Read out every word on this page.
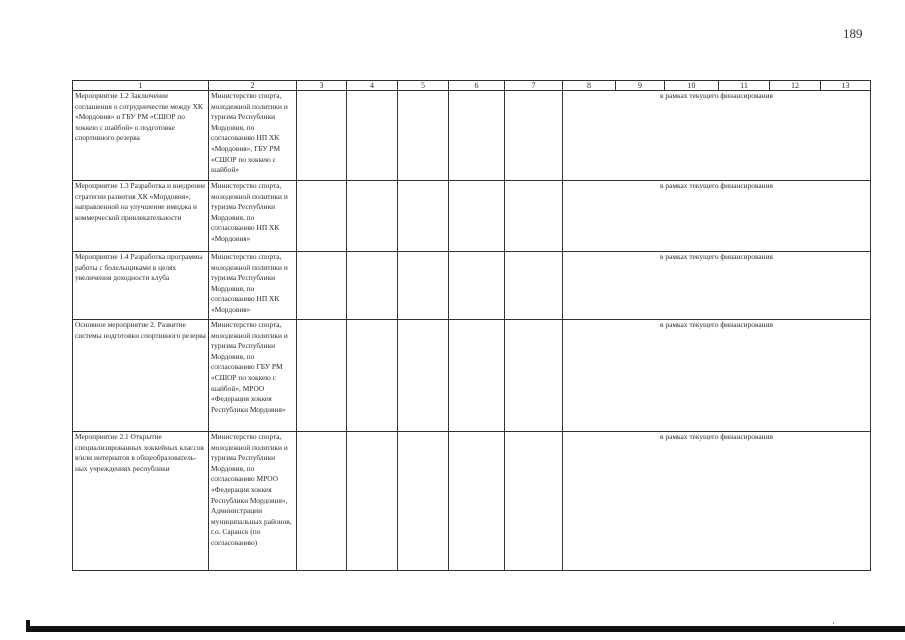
189
1	2	3	4	5	6	7	8	9	10	11	12	13
Мероприятие 1.2 Заключение соглашения о сотрудничестве между ХК «Мордовия» и ГБУ РМ «СШОР по хоккею с шайбой» о подготовке спортивного резерва	Министерство спорта, молодежной политики и туризма Республики Мордовия, по согласованию НП ХК «Мордовия», ГБУ РМ «СШОР по хоккею с шайбой»						в рамках текущего финансирования					
Мероприятие 1.3 Разработка и внедрение стратегии развития ХК «Мордовия», направленной на улучшение имиджа и коммерческой привлекательности	Министерство спорта, молодежной политики и туризма Республики Мордовия, по согласованию НП ХК «Мордовия»						в рамках текущего финансирования					
Мероприятие 1.4 Разработка программы работы с болельщиками в целях увеличения доходности клуба	Министерство спорта, молодежной политики и туризма Республики Мордовия, по согласованию НП ХК «Мордовия»						в рамках текущего финансирования					
Основное мероприятие 2. Развитие системы подготовки спортивного резерва	Министерство спорта, молодежной политики и туризма Республики Мордовия, по согласованию ГБУ РМ «СШОР по хоккею с шайбой», МРОО «Федерация хоккея Республики Мордовия»						в рамках текущего финансирования					
Мероприятие 2.1 Открытие специализированных хоккейных классов в/или интернатов в общеобразователь-ных учреждениях республики	Министерство спорта, молодежной политики и туризма Республики Мордовия, по согласованию МРОО «Федерация хоккея Республики Мордовия», Администрации муниципальных районов, г.о. Саранск (по согласованию)						в рамках текущего финансирования					
